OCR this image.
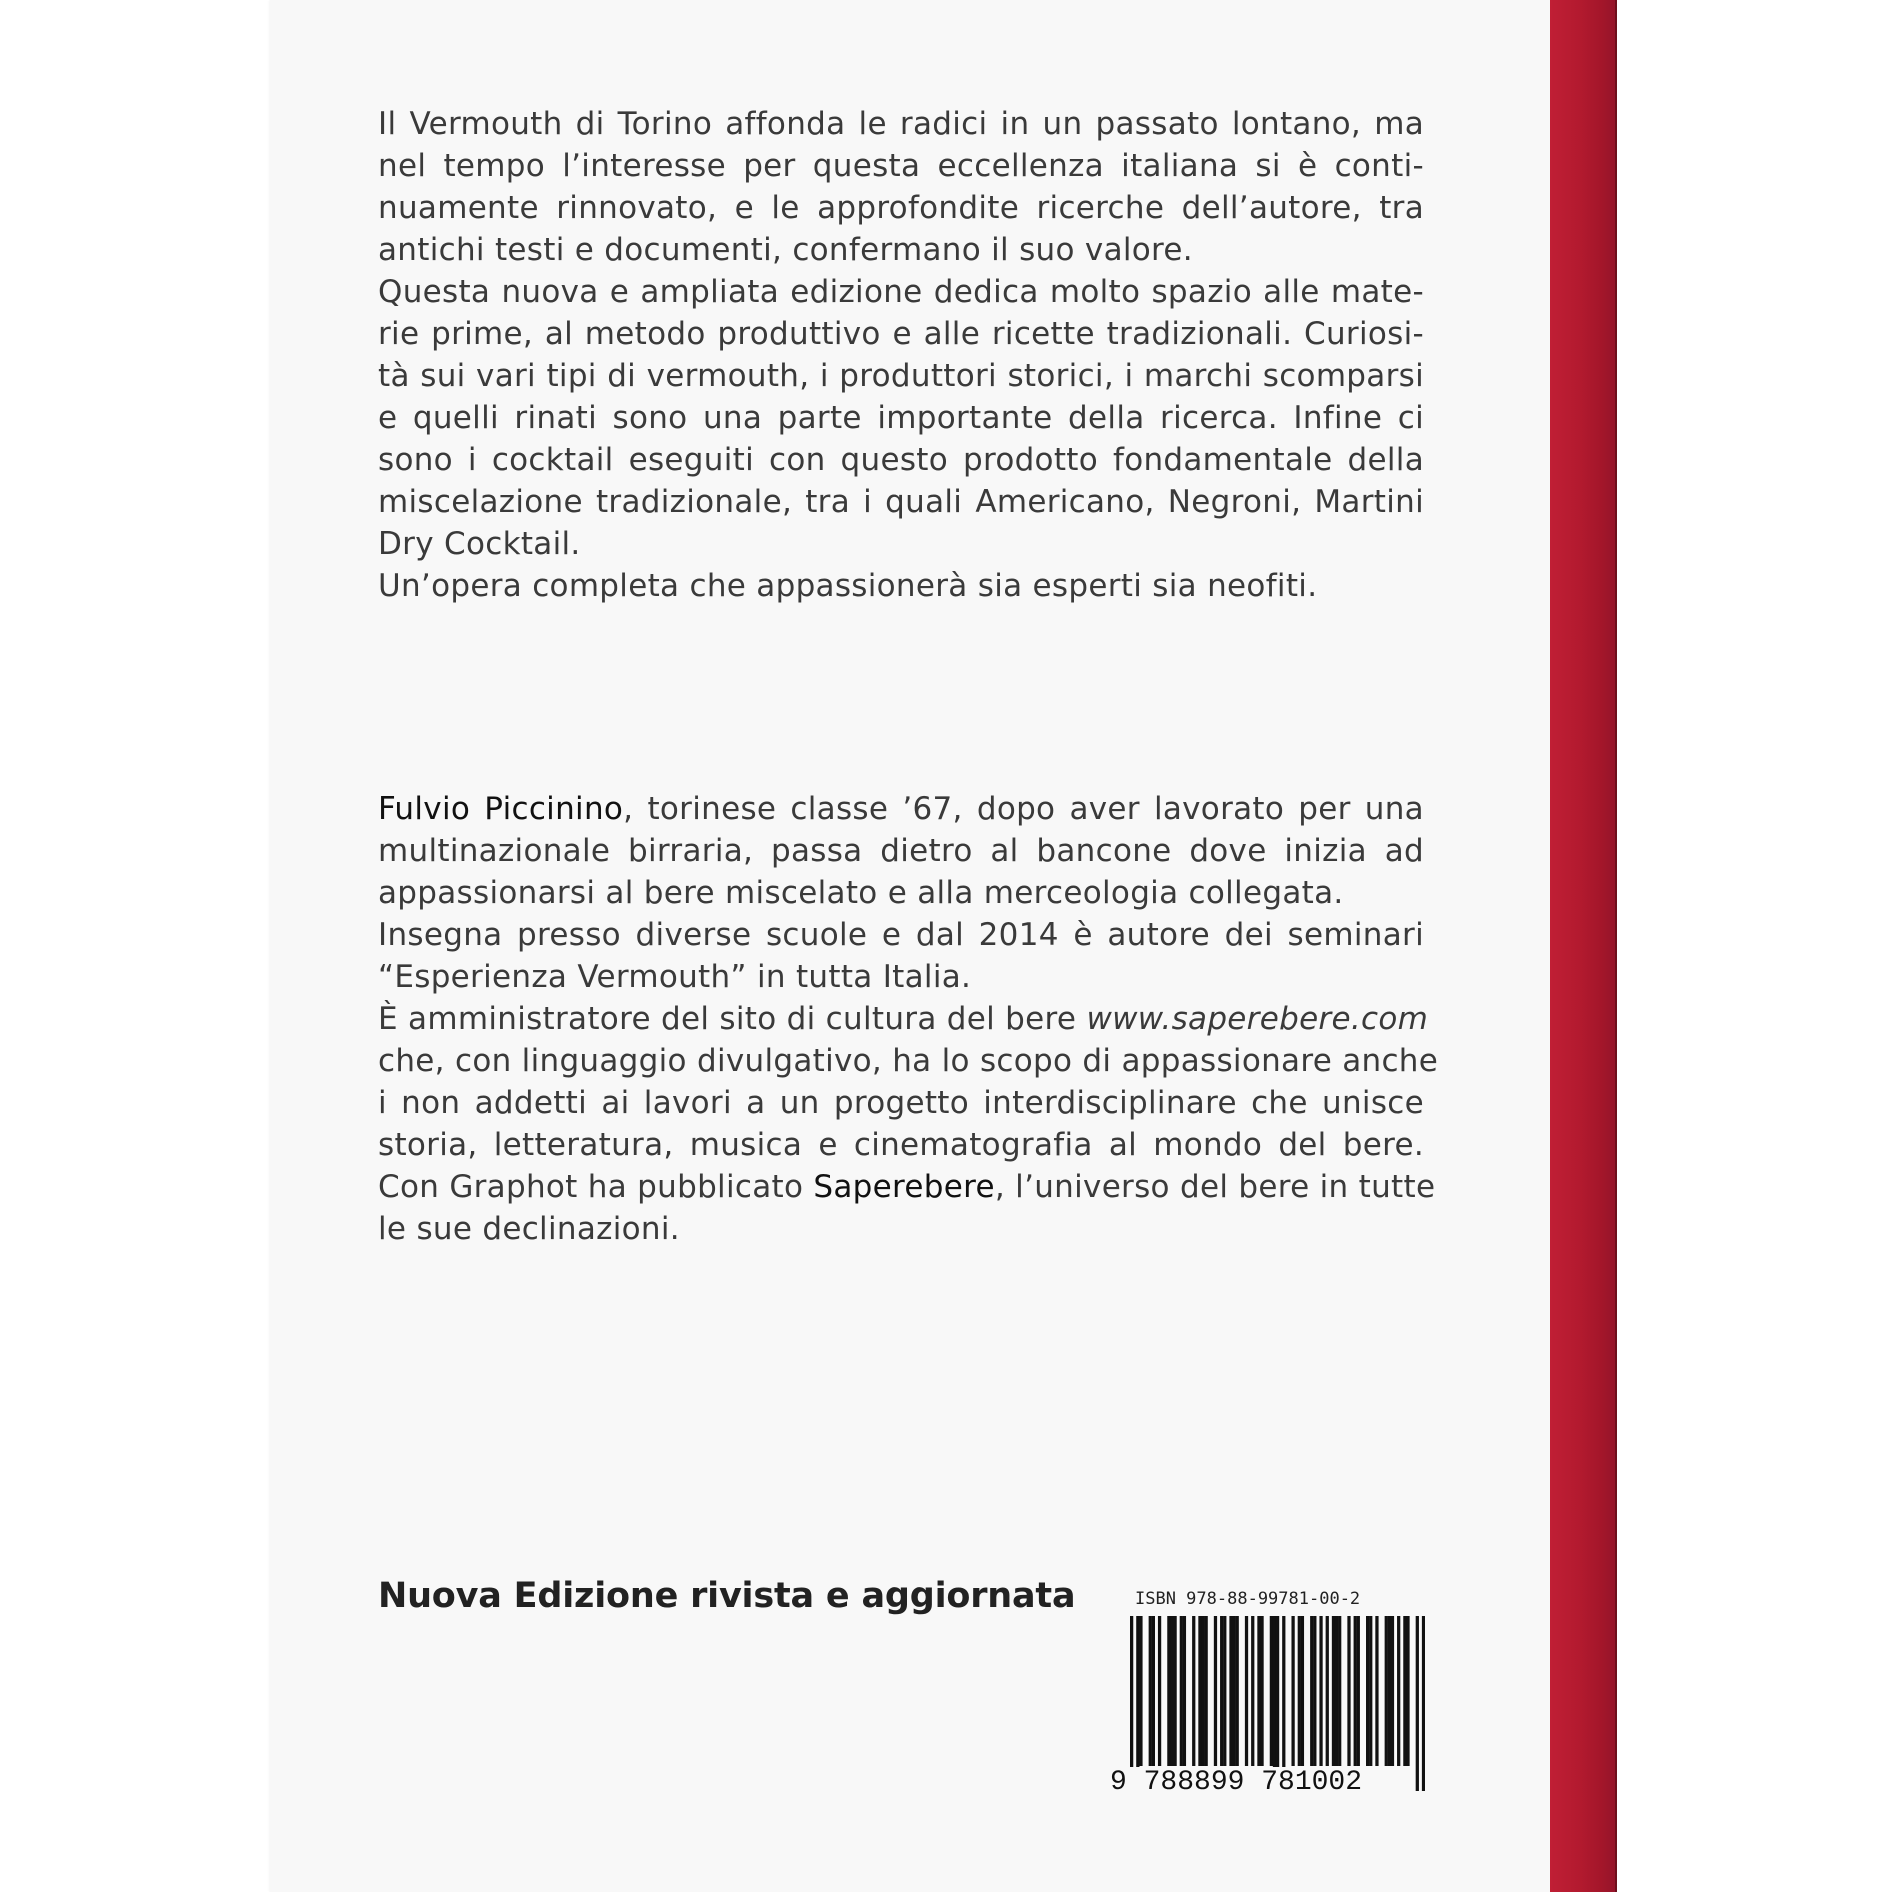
Il Vermouth di Torino affonda le radici in un passato lontano, ma
nel tempo l’interesse per questa eccellenza italiana si è conti-
nuamente rinnovato, e le approfondite ricerche dell’autore, tra
antichi testi e documenti, confermano il suo valore.
Questa nuova e ampliata edizione dedica molto spazio alle mate-
rie prime, al metodo produttivo e alle ricette tradizionali. Curiosi-
tà sui vari tipi di vermouth, i produttori storici, i marchi scomparsi
e quelli rinati sono una parte importante della ricerca. Infine ci
sono i cocktail eseguiti con questo prodotto fondamentale della
miscelazione tradizionale, tra i quali Americano, Negroni, Martini
Dry Cocktail.
Un’opera completa che appassionerà sia esperti sia neofiti.
Fulvio Piccinino, torinese classe ’67, dopo aver lavorato per una
multinazionale birraria, passa dietro al bancone dove inizia ad
appassionarsi al bere miscelato e alla merceologia collegata.
Insegna presso diverse scuole e dal 2014 è autore dei seminari
“Esperienza Vermouth” in tutta Italia.
È amministratore del sito di cultura del bere www.saperebere.com
che, con linguaggio divulgativo, ha lo scopo di appassionare anche
i non addetti ai lavori a un progetto interdisciplinare che unisce
storia, letteratura, musica e cinematografia al mondo del bere.
Con Graphot ha pubblicato Saperebere, l’universo del bere in tutte
le sue declinazioni.
Nuova Edizione rivista e aggiornata	ISBN 978-88-99781-00-2
9 788899 781002
